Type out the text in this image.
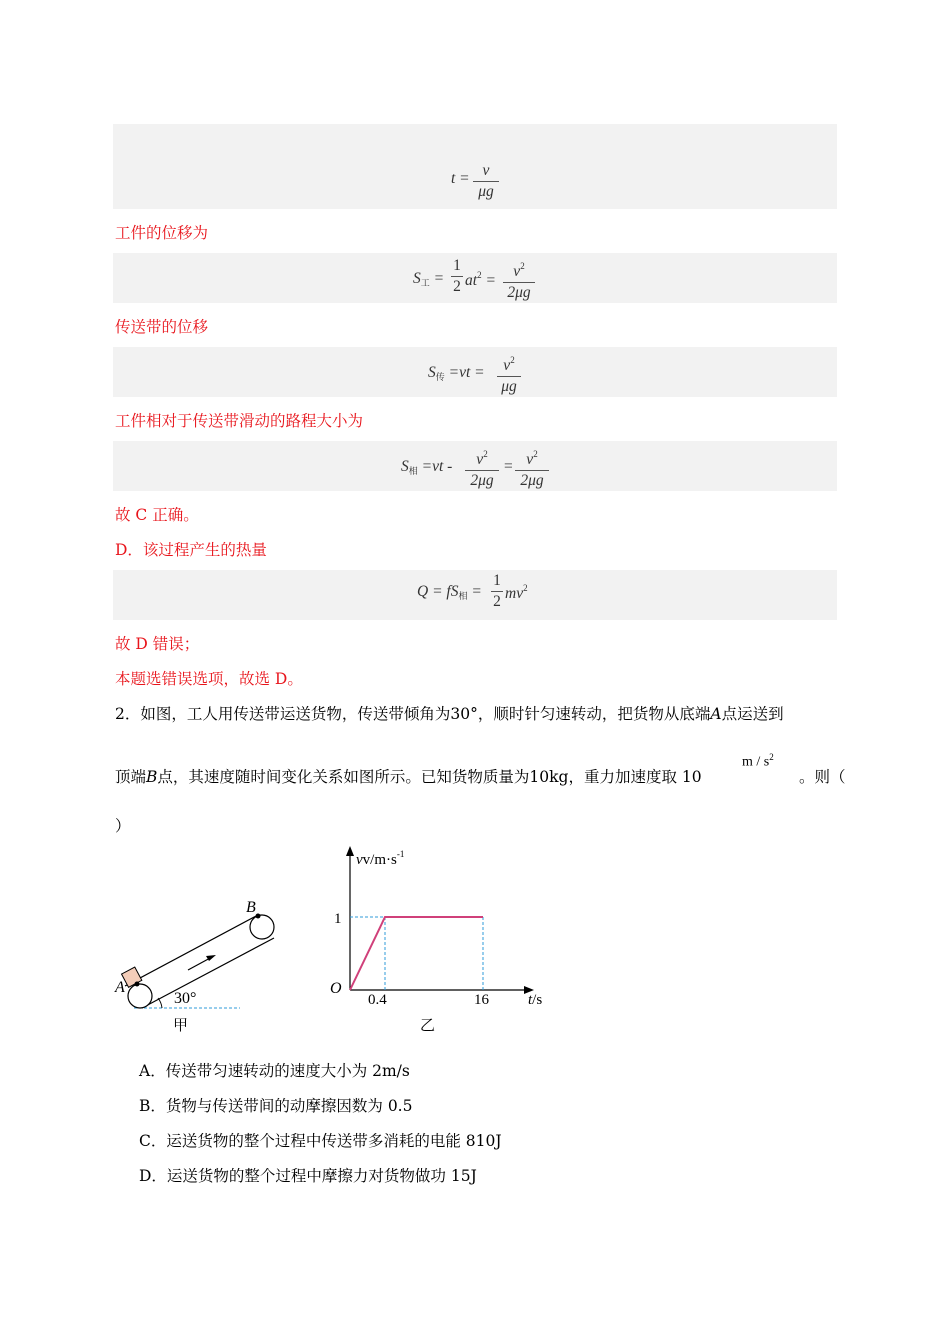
t = v
μg
工件的位移为
$S_工$ =
1
2 $at^2$ =
$v^2$
2μg
传送带的位移
$S_传 =vt$ =	$v^2$
μg
工件相对于传送带滑动的路程大小为
$S_相 =vt$ -	$v^2$
2μg
= $v^2$
2μg
故 C 正确。
D．该过程产生的热量
$Q = fS_相$ =
1
2 $mv^2$
故 D 错误；
本题选错误选项，故选 D。
2．如图，工人用传送带运送货物，传送带倾角为30°，顺时针匀速转动，把货物从底端A点运送到
顶端B点，其速度随时间变化关系如图所示。已知货物质量为10kg，重力加速度取 10
m / $s^2$
。则（
）
A
B
30°
甲
$vv/m\cdot s^{-1}$
O
1
0.4	16	t/s
乙
A．传送带匀速转动的速度大小为 2m/s
B．货物与传送带间的动摩擦因数为 0.5
C．运送货物的整个过程中传送带多消耗的电能 810J
D．运送货物的整个过程中摩擦力对货物做功 15J
